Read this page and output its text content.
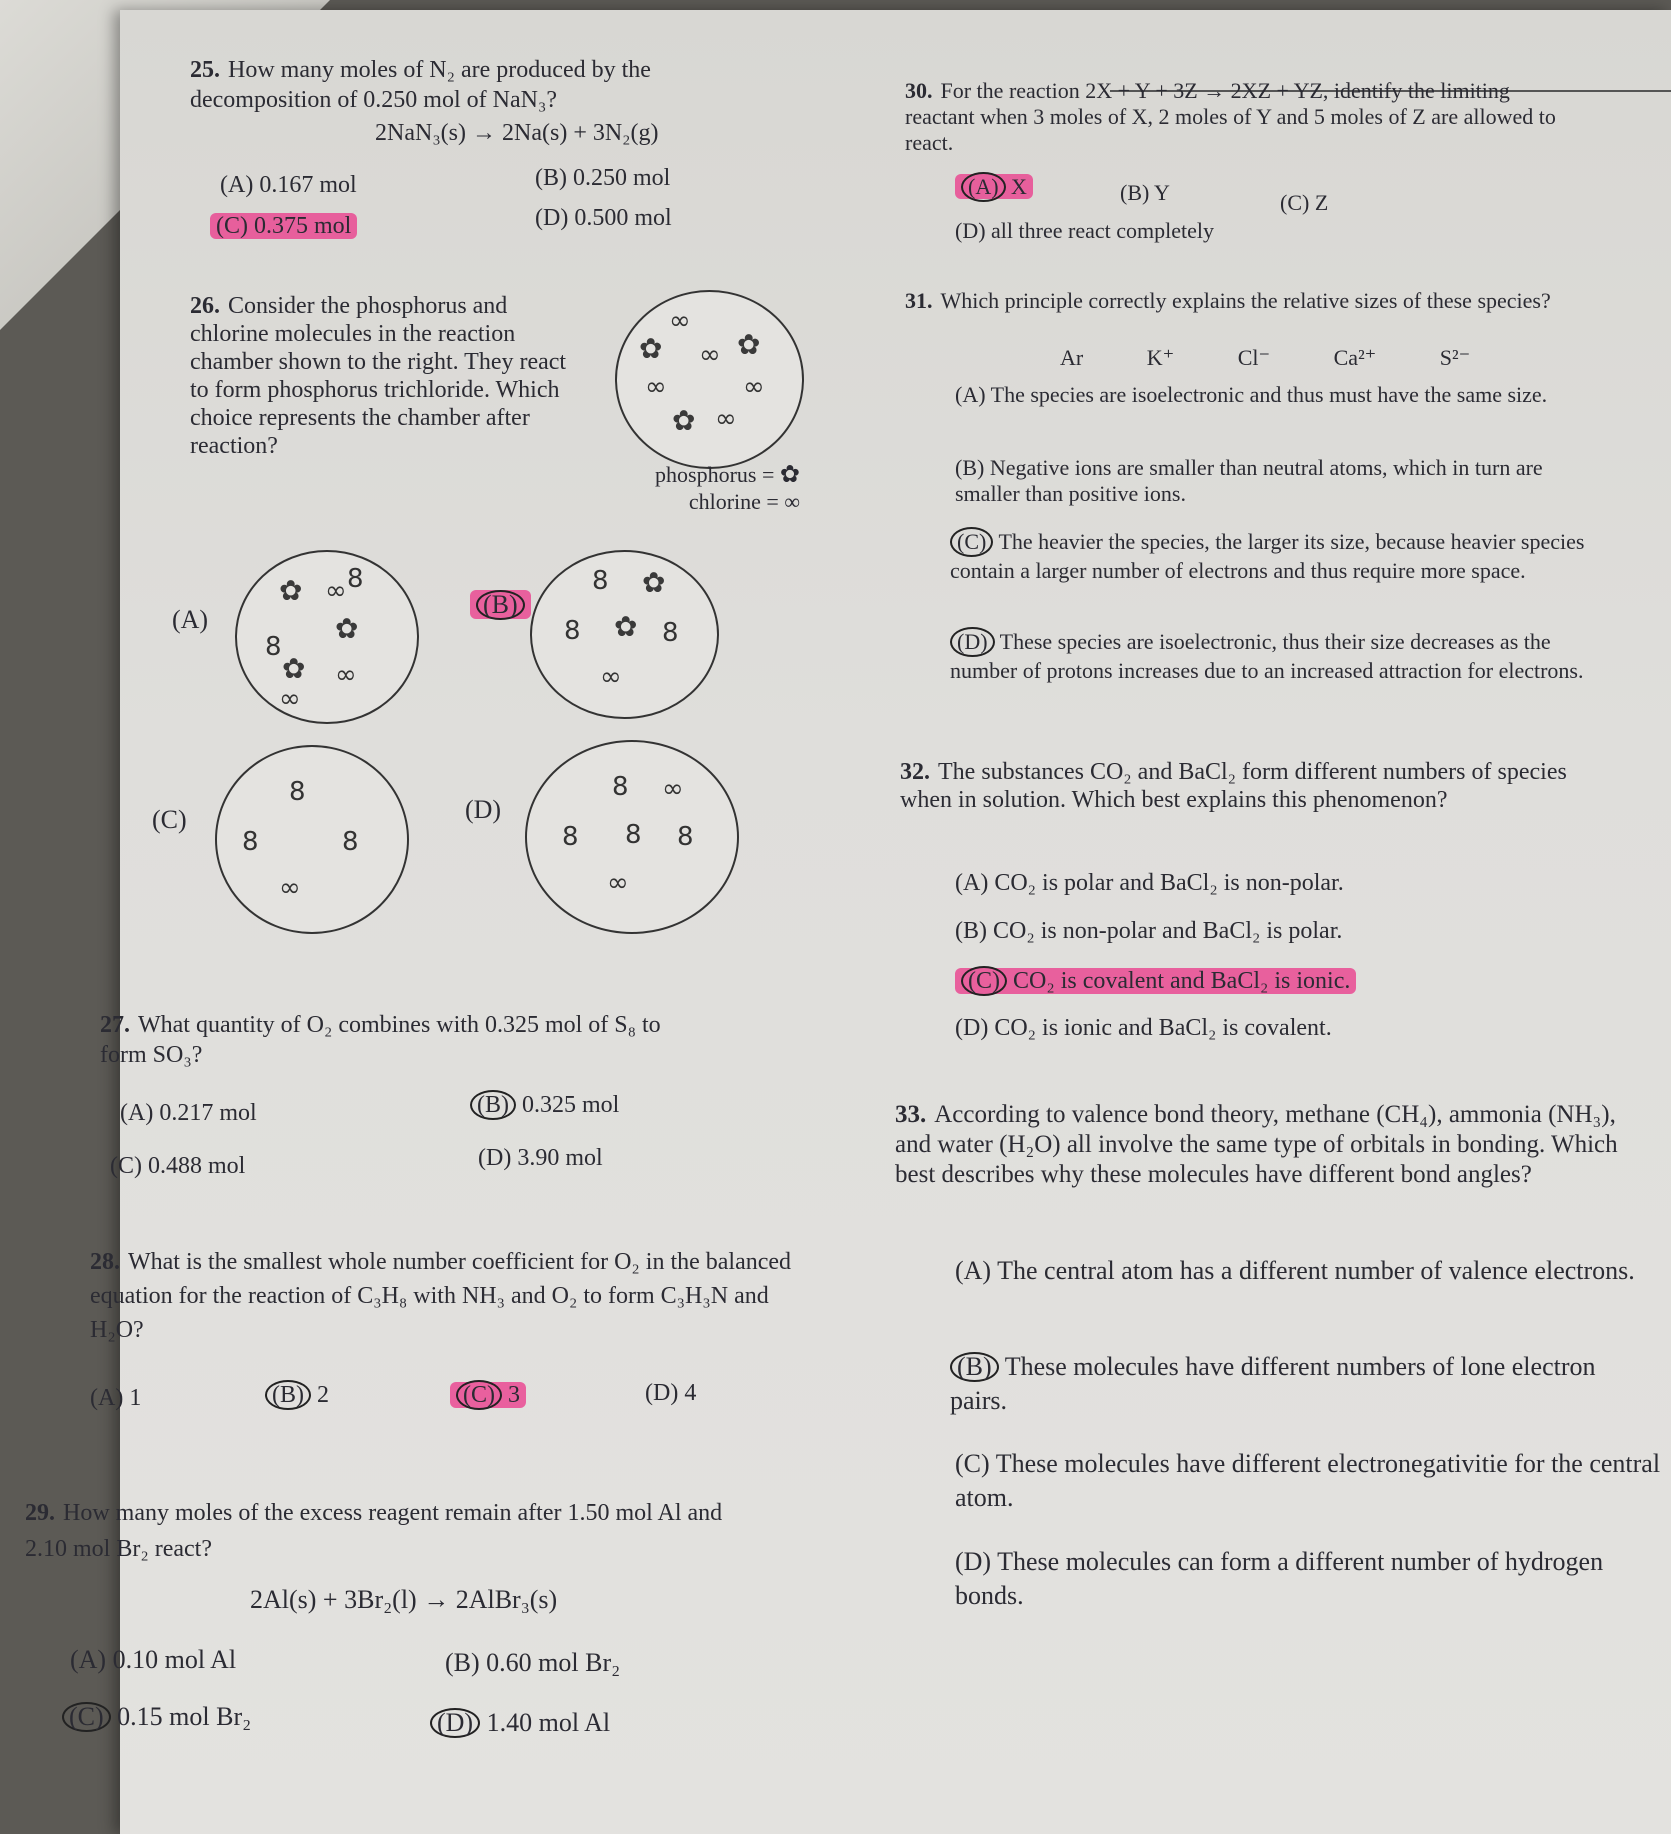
25. How many moles of N₂ are produced by the decomposition of 0.250 mol of NaN₃?
2NaN₃(s) → 2Na(s) + 3N₂(g)
(A) 0.167 mol	(B) 0.250 mol
(C) 0.375 mol	(D) 0.500 mol
26. Consider the phosphorus and chlorine molecules in the reaction chamber shown to the right. They react to form phosphorus trichloride. Which choice represents the chamber after reaction?
∞
✿ ∞ ✿
∞	∞
✿ ∞
phosphorus = ✿
chlorine = ∞
(A)
✿ ∞ 8
✿
8
✿ ∞
∞
(B)
8 ✿
8 ✿ 8
∞
(C)
8
8	8
∞
(D)
8 ∞
8 8 8
∞
27. What quantity of O₂ combines with 0.325 mol of S₈ to form SO₃?
(A) 0.217 mol	(B) 0.325 mol
(C) 0.488 mol	(D) 3.90 mol
28. What is the smallest whole number coefficient for O₂ in the balanced equation for the reaction of C₃H₈ with NH₃ and O₂ to form C₃H₃N and H₂O?
(A) 1	(B) 2	(C) 3	(D) 4
29. How many moles of the excess reagent remain after 1.50 mol Al and 2.10 mol Br₂ react?
2Al(s) + 3Br₂(l) → 2AlBr₃(s)
(A) 0.10 mol Al	(B) 0.60 mol Br₂
(C) 0.15 mol Br₂	(D) 1.40 mol Al
30. For the reaction 2X + Y + 3Z → 2XZ + YZ, identify the limiting reactant when 3 moles of X, 2 moles of Y and 5 moles of Z are allowed to react.
(A) X	(B) Y	(C) Z
(D) all three react completely
31. Which principle correctly explains the relative sizes of these species?
Ar	K⁺	Cl⁻	Ca²⁺	S²⁻
(A) The species are isoelectronic and thus must have the same size.
(B) Negative ions are smaller than neutral atoms, which in turn are smaller than positive ions.
(C) The heavier the species, the larger its size, because heavier species contain a larger number of electrons and thus require more space.
(D) These species are isoelectronic, thus their size decreases as the number of protons increases due to an increased attraction for electrons.
32. The substances CO₂ and BaCl₂ form different numbers of species when in solution. Which best explains this phenomenon?
(A) CO₂ is polar and BaCl₂ is non-polar.
(B) CO₂ is non-polar and BaCl₂ is polar.
(C) CO₂ is covalent and BaCl₂ is ionic.
(D) CO₂ is ionic and BaCl₂ is covalent.
33. According to valence bond theory, methane (CH₄), ammonia (NH₃), and water (H₂O) all involve the same type of orbitals in bonding. Which best describes why these molecules have different bond angles?
(A) The central atom has a different number of valence electrons.
(B) These molecules have different numbers of lone electron pairs.
(C) These molecules have different electronegativitie for the central atom.
(D) These molecules can form a different number of hydrogen bonds.
